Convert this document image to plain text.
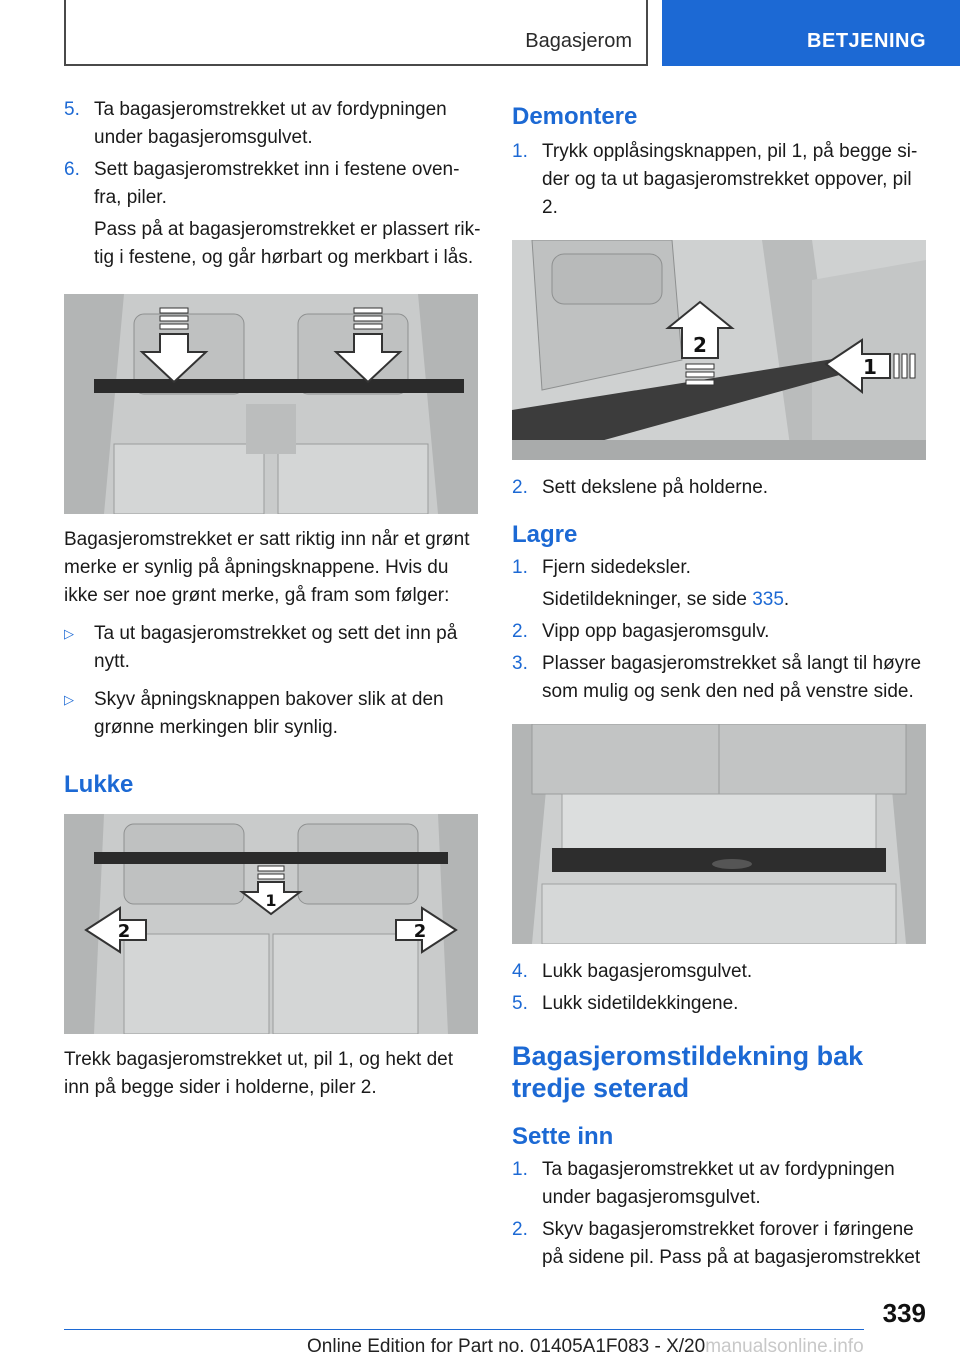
Bagasjerom	BETJENING
5. Ta bagasjeromstrekket ut av fordypningen under bagasjeromsgulvet.
6. Sett bagasjeromstrekket inn i festene oven-fra, piler.
Pass på at bagasjeromstrekket er plassert rik-tig i festene, og går hørbart og merkbart i lås.

Bagasjeromstrekket er satt riktig inn når et grønt merke er synlig på åpningsknappene. Hvis du ikke ser noe grønt merke, gå fram som følger:

▷ Ta ut bagasjeromstrekket og sett det inn på nytt.
▷ Skyv åpningsknappen bakover slik at den grønne merkingen blir synlig.
Lukke
1
2	2

Trekk bagasjeromstrekket ut, pil 1, og hekt det inn på begge sider i holderne, piler 2.

Demontere
1. Trykk opplåsingsknappen, pil 1, på begge si-der og ta ut bagasjeromstrekket oppover, pil 2.
2
1
2. Sett dekslene på holderne.
Lagre
1. Fjern sidedeksler.
Sidetildekninger, se side 335.
2. Vipp opp bagasjeromsgulv.
3. Plasser bagasjeromstrekket så langt til høyre som mulig og senk den ned på venstre side.
4. Lukk bagasjeromsgulvet.
5. Lukk sidetildekkingene.
Bagasjeromstildekning bak tredje seterad
Sette inn
1. Ta bagasjeromstrekket ut av fordypningen under bagasjeromsgulvet.
2. Skyv bagasjeromstrekket forover i føringene på sidene pil. Pass på at bagasjeromstrekket
339
Online Edition for Part no. 01405A1F083 - X/20manualsonline.info
